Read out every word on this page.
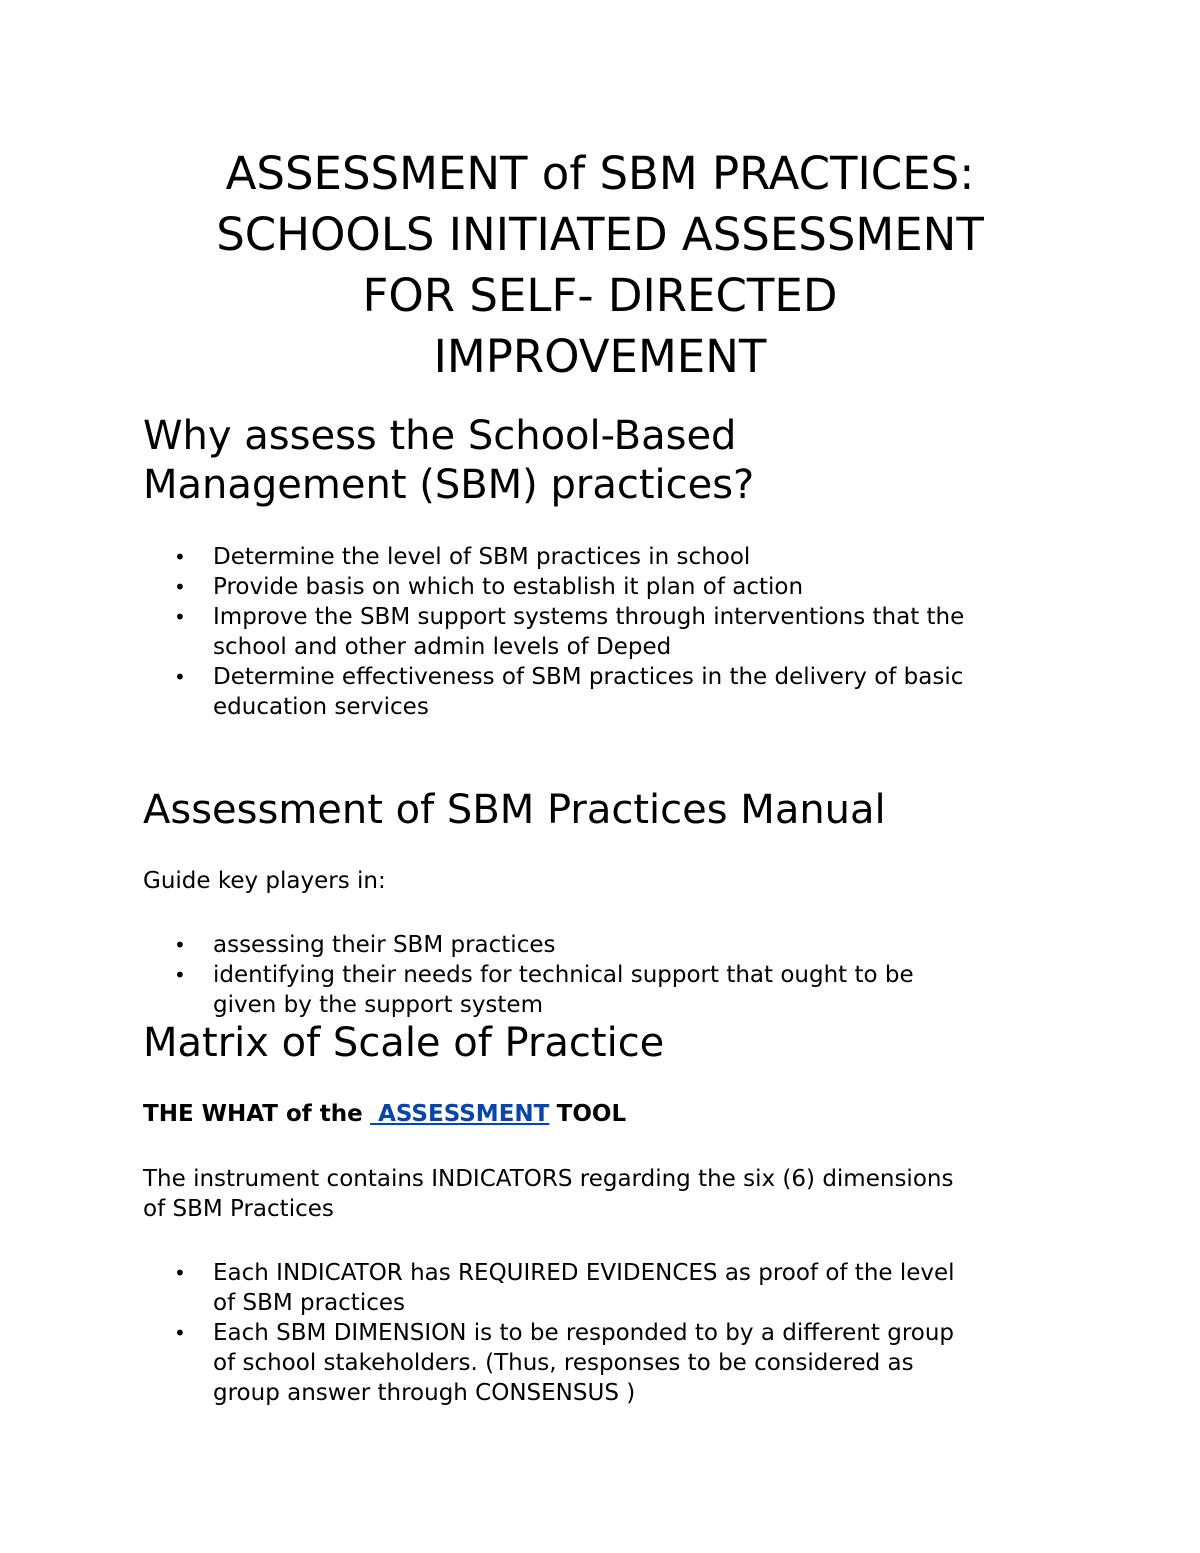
ASSESSMENT of SBM PRACTICES:
SCHOOLS INITIATED ASSESSMENT
FOR SELF- DIRECTED
IMPROVEMENT
Why assess the School-Based
Management (SBM) practices?
• Determine the level of SBM practices in school
• Provide basis on which to establish it plan of action
• Improve the SBM support systems through interventions that the
school and other admin levels of Deped
• Determine effectiveness of SBM practices in the delivery of basic
education services
Assessment of SBM Practices Manual

Guide key players in:

• assessing their SBM practices
• identifying their needs for technical support that ought to be
given by the support system
Matrix of Scale of Practice

THE WHAT of the  ASSESSMENT TOOL

The instrument contains INDICATORS regarding the six (6) dimensions
of SBM Practices

• Each INDICATOR has REQUIRED EVIDENCES as proof of the level
of SBM practices
• Each SBM DIMENSION is to be responded to by a different group
of school stakeholders. (Thus, responses to be considered as
group answer through CONSENSUS )
